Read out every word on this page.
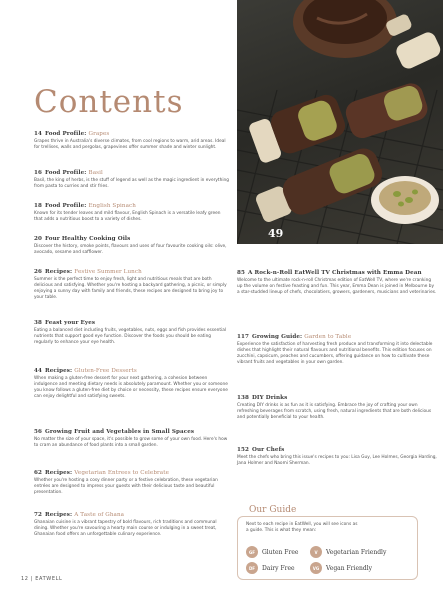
Contents
49
14 Food Profile: Grapes
Grapes thrive in Australia's diverse climates, from cool regions to warm, arid areas. Ideal for trellises, walls and pergolas, grapevines offer summer shade and winter sunlight.
16 Food Profile: Basil
Basil, the king of herbs, is the stuff of legend as well as the magic ingredient in everything from pasta to curries and stir fries.
18 Food Profile: English Spinach
Known for its tender leaves and mild flavour, English Spinach is a versatile leafy green that adds a nutritious boost to a variety of dishes.
20 Four Healthy Cooking Oils
Discover the history, smoke points, flavours and uses of four favourite cooking oils: olive, avocado, sesame and safflower.
26 Recipes: Festive Summer Lunch
Summer is the perfect time to enjoy fresh, light and nutritious meals that are both delicious and satisfying. Whether you're hosting a backyard gathering, a picnic, or simply enjoying a sunny day with family and friends, these recipes are designed to bring joy to your table.
38 Feast your Eyes
Eating a balanced diet including fruits, vegetables, nuts, eggs and fish provides essential nutrients that support good eye function. Discover the foods you should be eating regularly to enhance your eye health.
44 Recipes: Gluten-Free Desserts
When making a gluten-free dessert for your next gathering, a cohesion between indulgence and meeting dietary needs is absolutely paramount. Whether you or someone you know follows a gluten-free diet by choice or necessity, these recipes ensure everyone can enjoy delightful and satisfying sweets.
56 Growing Fruit and Vegetables in Small Spaces
No matter the size of your space, it's possible to grow some of your own food. Here's how to cram an abundance of food plants into a small garden.
62 Recipes: Vegetarian Entrees to Celebrate
Whether you're hosting a cosy dinner party or a festive celebration, these vegetarian entrées are designed to impress your guests with their delicious taste and beautiful presentation.
72 Recipes: A Taste of Ghana
Ghanaian cuisine is a vibrant tapestry of bold flavours, rich traditions and communal dining. Whether you're savouring a hearty main course or indulging in a sweet treat, Ghanaian food offers an unforgettable culinary experience.
85 A Rock-n-Roll EatWell TV Christmas with Emma Dean
Welcome to the ultimate rock-n-roll Christmas edition of EatWell TV, where we're cranking up the volume on festive feasting and fun. This year, Emma Dean is joined in Melbourne by a star-studded lineup of chefs, chocolatiers, growers, gardeners, musicians and veterinaries.
117 Growing Guide: Garden to Table
Experience the satisfaction of harvesting fresh produce and transforming it into delectable dishes that highlight their natural flavours and nutritional benefits. This edition focuses on zucchini, capsicum, peaches and cucumbers, offering guidance on how to cultivate these vibrant fruits and vegetables in your own garden.
138 DIY Drinks
Creating DIY drinks is as fun as it is satisfying. Embrace the joy of crafting your own refreshing beverages from scratch, using fresh, natural ingredients that are both delicious and potentially beneficial to your health.
152 Our Chefs
Meet the chefs who bring this issue's recipes to you: Lisa Guy, Lee Holmes, Georgia Harding, Jana Holmer and Naomi Sherman.
Our Guide
Next to each recipe in EatWell, you will see icons as a guide. This is what they mean:
GF	Gluten Free	V	Vegetarian Friendly
DF	Dairy Free	VG	Vegan Friendly
12 | EATWELL
